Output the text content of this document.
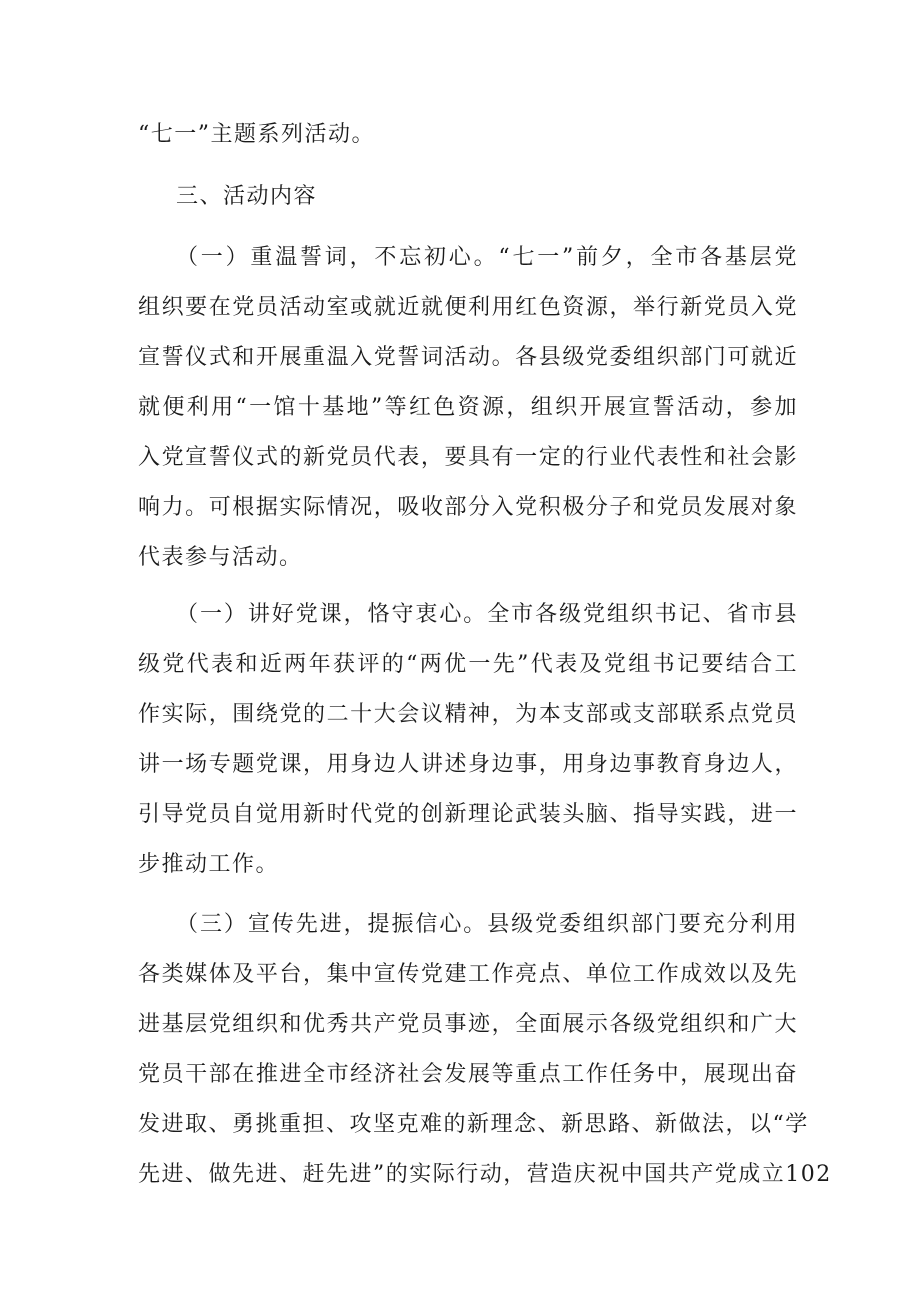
“七一”主题系列活动。
三、活动内容
（一）重温誓词，不忘初心。“七一”前夕，全市各基层党
组织要在党员活动室或就近就便利用红色资源，举行新党员入党
宣誓仪式和开展重温入党誓词活动。各县级党委组织部门可就近
就便利用“一馆十基地”等红色资源，组织开展宣誓活动，参加
入党宣誓仪式的新党员代表，要具有一定的行业代表性和社会影
响力。可根据实际情况，吸收部分入党积极分子和党员发展对象
代表参与活动。
（一）讲好党课，恪守衷心。全市各级党组织书记、省市县
级党代表和近两年获评的“两优一先”代表及党组书记要结合工
作实际，围绕党的二十大会议精神，为本支部或支部联系点党员
讲一场专题党课，用身边人讲述身边事，用身边事教育身边人，
引导党员自觉用新时代党的创新理论武装头脑、指导实践，进一
步推动工作。
（三）宣传先进，提振信心。县级党委组织部门要充分利用
各类媒体及平台，集中宣传党建工作亮点、单位工作成效以及先
进基层党组织和优秀共产党员事迹，全面展示各级党组织和广大
党员干部在推进全市经济社会发展等重点工作任务中，展现出奋
发进取、勇挑重担、攻坚克难的新理念、新思路、新做法，以“学
先进、做先进、赶先进”的实际行动，营造庆祝中国共产党成立102
